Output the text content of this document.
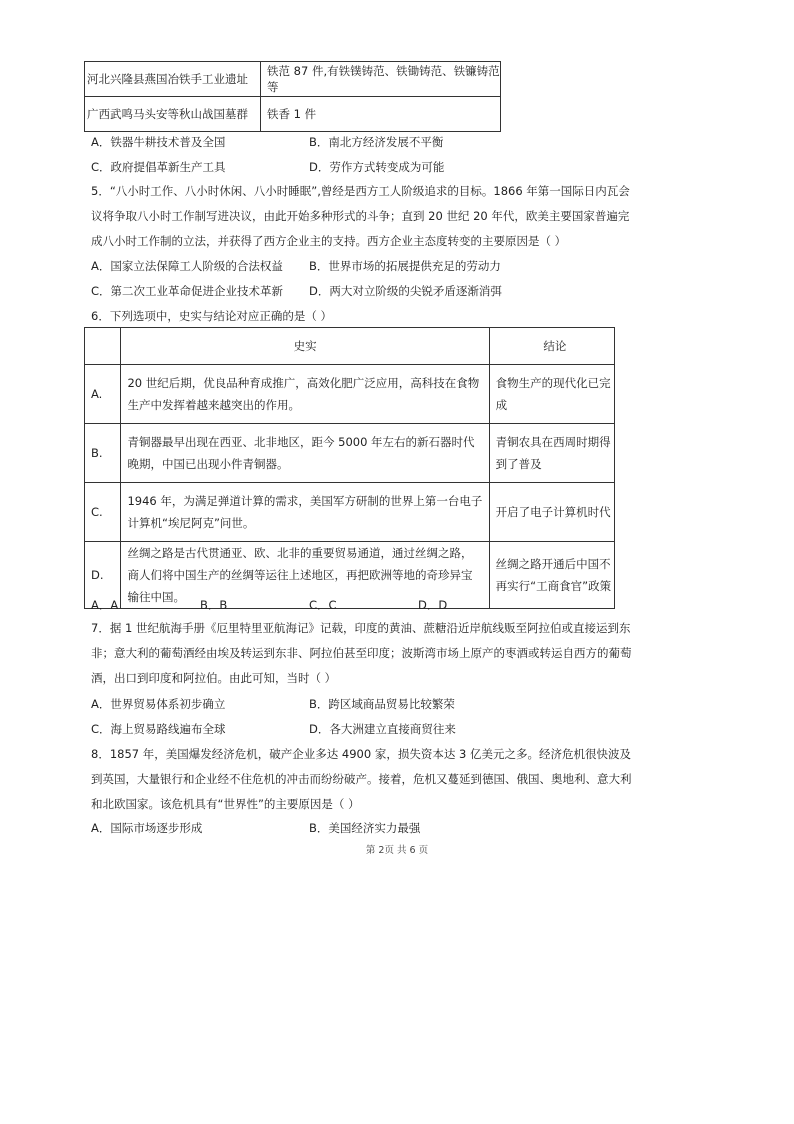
河北兴隆县燕国冶铁手工业遗址	铁范 87 件,有铁镤铸范、铁锄铸范、铁镰铸范等
广西武鸣马头安等秋山战国墓群	铁香 1 件
A．铁器牛耕技术普及全国	B．南北方经济发展不平衡
C．政府提倡革新生产工具	D．劳作方式转变成为可能
5．“八小时工作、八小时休闲、八小时睡眠”,曾经是西方工人阶级追求的目标。1866 年第一国际日内瓦会
议将争取八小时工作制写进决议，由此开始多种形式的斗争；直到 20 世纪 20 年代，欧美主要国家普遍完
成八小时工作制的立法，并获得了西方企业主的支持。西方企业主态度转变的主要原因是（ ）
A．国家立法保障工人阶级的合法权益 B．世界市场的拓展提供充足的劳动力
C．第二次工业革命促进企业技术革新 D．两大对立阶级的尖锐矛盾逐渐消弭
6．下列选项中，史实与结论对应正确的是（ ）
	史实	结论
A.	20 世纪后期，优良品种育成推广，高效化肥广泛应用，高科技在食物生产中发挥着越来越突出的作用。	食物生产的现代化已完成
B.	青铜器最早出现在西亚、北非地区，距今 5000 年左右的新石器时代晚期，中国已出现小件青铜器。	青铜农具在西周时期得到了普及
C.	1946 年，为满足弹道计算的需求，美国军方研制的世界上第一台电子计算机“埃尼阿克”问世。	开启了电子计算机时代
D.	丝绸之路是古代贯通亚、欧、北非的重要贸易通道，通过丝绸之路，商人们将中国生产的丝绸等运往上述地区，再把欧洲等地的奇珍异宝输往中国。	丝绸之路开通后中国不再实行“工商食官”政策
A．A	B．B	C．C	D．D
7．据 1 世纪航海手册《厄里特里亚航海记》记载，印度的黄油、蔗糖沿近岸航线贩至阿拉伯或直接运到东
非；意大利的葡萄酒经由埃及转运到东非、阿拉伯甚至印度；波斯湾市场上原产的枣酒或转运自西方的葡萄
酒，出口到印度和阿拉伯。由此可知，当时（ ）
A．世界贸易体系初步确立	B．跨区域商品贸易比较繁荣
C．海上贸易路线遍布全球	D．各大洲建立直接商贸往来
8．1857 年，美国爆发经济危机，破产企业多达 4900 家，损失资本达 3 亿美元之多。经济危机很快波及
到英国，大量银行和企业经不住危机的冲击而纷纷破产。接着，危机又蔓延到德国、俄国、奥地利、意大利
和北欧国家。该危机具有“世界性”的主要原因是（ ）
A．国际市场逐步形成	B．美国经济实力最强
第 2页 共 6 页
